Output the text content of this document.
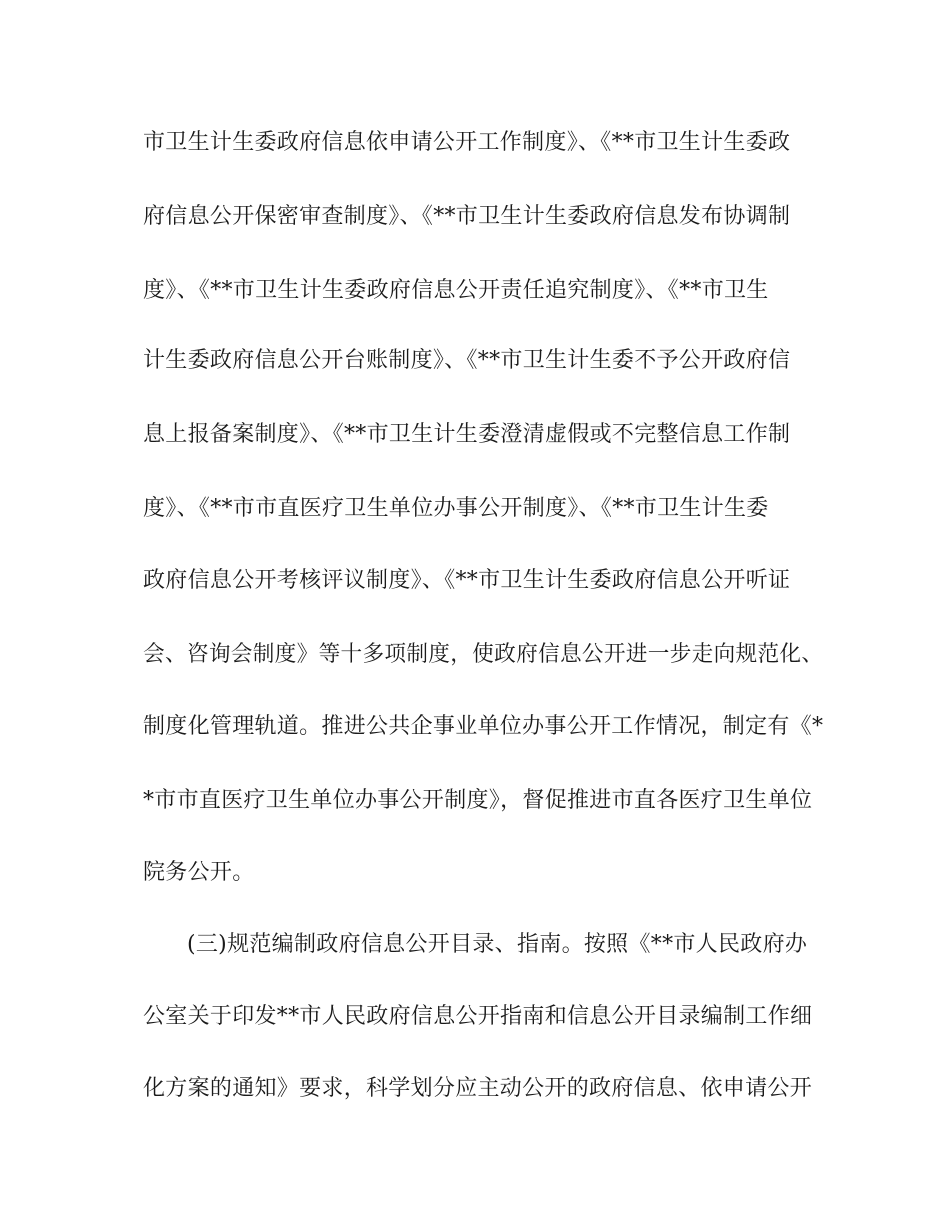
市卫生计生委政府信息依申请公开工作制度》、《**市卫生计生委政
府信息公开保密审查制度》、《**市卫生计生委政府信息发布协调制
度》、《**市卫生计生委政府信息公开责任追究制度》、《**市卫生
计生委政府信息公开台账制度》、《**市卫生计生委不予公开政府信
息上报备案制度》、《**市卫生计生委澄清虚假或不完整信息工作制
度》、《**市市直医疗卫生单位办事公开制度》、《**市卫生计生委
政府信息公开考核评议制度》、《**市卫生计生委政府信息公开听证
会、咨询会制度》等十多项制度，使政府信息公开进一步走向规范化、
制度化管理轨道。推进公共企事业单位办事公开工作情况，制定有《*
*市市直医疗卫生单位办事公开制度》，督促推进市直各医疗卫生单位
院务公开。
(三)规范编制政府信息公开目录、指南。按照《**市人民政府办
公室关于印发**市人民政府信息公开指南和信息公开目录编制工作细
化方案的通知》要求，科学划分应主动公开的政府信息、依申请公开
